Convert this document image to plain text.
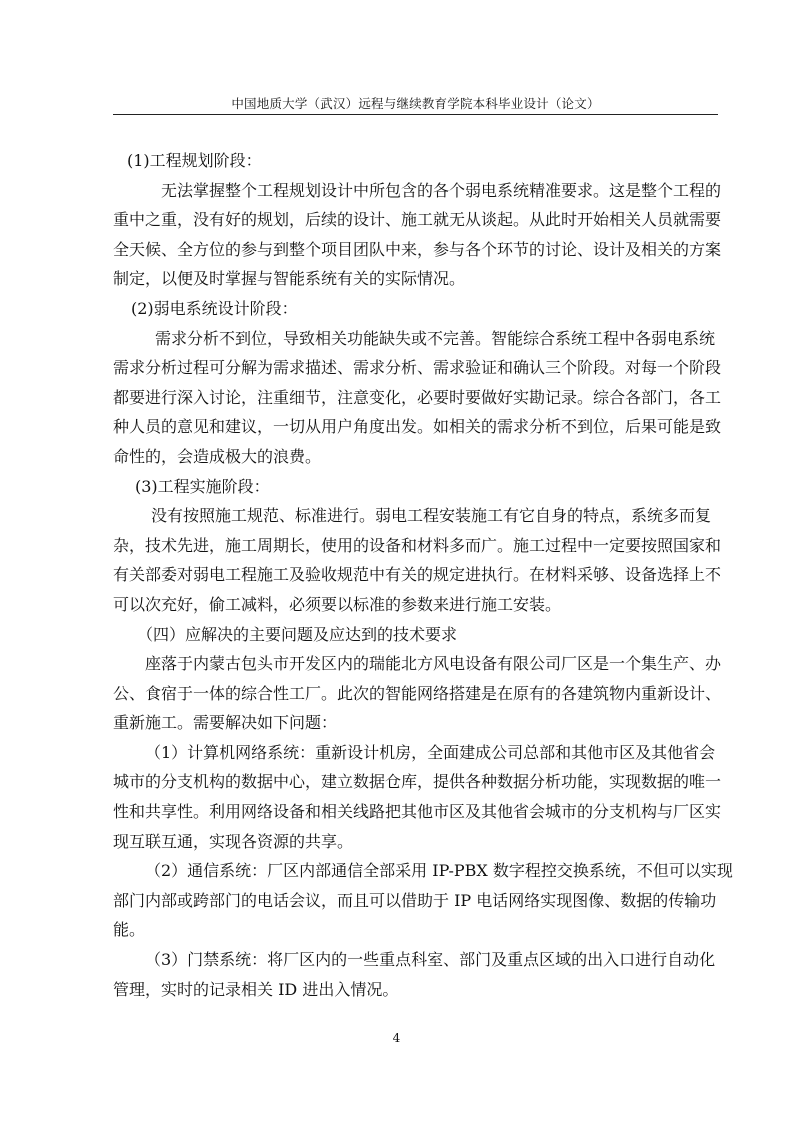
中国地质大学（武汉）远程与继续教育学院本科毕业设计（论文）
(1)工程规划阶段：
无法掌握整个工程规划设计中所包含的各个弱电系统精准要求。这是整个工程的
重中之重，没有好的规划，后续的设计、施工就无从谈起。从此时开始相关人员就需要
全天候、全方位的参与到整个项目团队中来，参与各个环节的讨论、设计及相关的方案
制定，以便及时掌握与智能系统有关的实际情况。
(2)弱电系统设计阶段：
需求分析不到位，导致相关功能缺失或不完善。智能综合系统工程中各弱电系统
需求分析过程可分解为需求描述、需求分析、需求验证和确认三个阶段。对每一个阶段
都要进行深入讨论，注重细节，注意变化，必要时要做好实勘记录。综合各部门，各工
种人员的意见和建议，一切从用户角度出发。如相关的需求分析不到位，后果可能是致
命性的，会造成极大的浪费。
(3)工程实施阶段：
没有按照施工规范、标准进行。弱电工程安装施工有它自身的特点，系统多而复
杂，技术先进，施工周期长，使用的设备和材料多而广。施工过程中一定要按照国家和
有关部委对弱电工程施工及验收规范中有关的规定进执行。在材料采够、设备选择上不
可以次充好，偷工减料，必须要以标准的参数来进行施工安装。
（四）应解决的主要问题及应达到的技术要求
座落于内蒙古包头市开发区内的瑞能北方风电设备有限公司厂区是一个集生产、办
公、食宿于一体的综合性工厂。此次的智能网络搭建是在原有的各建筑物内重新设计、
重新施工。需要解决如下问题：
（1）计算机网络系统：重新设计机房，全面建成公司总部和其他市区及其他省会
城市的分支机构的数据中心，建立数据仓库，提供各种数据分析功能，实现数据的唯一
性和共享性。利用网络设备和相关线路把其他市区及其他省会城市的分支机构与厂区实
现互联互通，实现各资源的共享。
（2）通信系统：厂区内部通信全部采用 IP-PBX 数字程控交换系统，不但可以实现
部门内部或跨部门的电话会议，而且可以借助于 IP 电话网络实现图像、数据的传输功
能。
（3）门禁系统：将厂区内的一些重点科室、部门及重点区域的出入口进行自动化
管理，实时的记录相关 ID 进出入情况。
4
